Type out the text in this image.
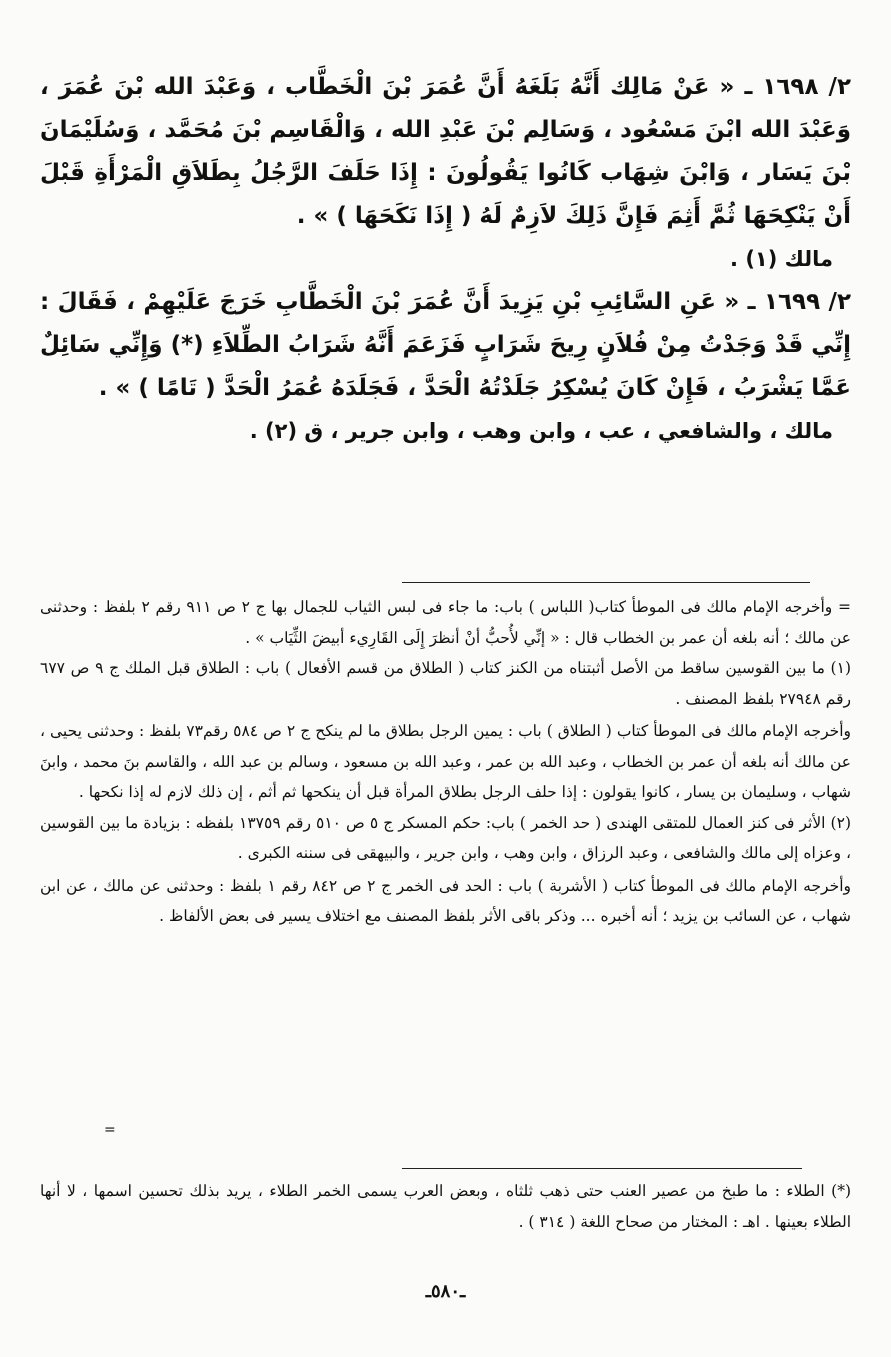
٢/ ١٦٩٨ ـ « عَنْ مَالِك أَنَّهُ بَلَغَهُ أَنَّ عُمَرَ بْنَ الْخَطَّاب ، وَعَبْدَ الله بْنَ عُمَرَ ، وَعَبْدَ الله ابْنَ مَسْعُود ، وَسَالِم بْنَ عَبْدِ الله ، وَالْقَاسِم بْنَ مُحَمَّد ، وَسُلَيْمَانَ بْنَ يَسَار ، وَابْنَ شِهَاب كَانُوا يَقُولُونَ : إِذَا حَلَفَ الرَّجُلُ بِطَلاَقِ الْمَرْأَةِ قَبْلَ أَنْ يَنْكِحَهَا ثُمَّ أَثِمَ فَإِنَّ ذَلِكَ لاَزِمٌ لَهُ ( إِذَا نَكَحَهَا ) » .

مالك (١) .

٢/ ١٦٩٩ ـ « عَنِ السَّائِبِ بْنِ يَزِيدَ أَنَّ عُمَرَ بْنَ الْخَطَّابِ خَرَجَ عَلَيْهِمْ ، فَقَالَ : إِنِّي قَدْ وَجَدْتُ مِنْ فُلاَنٍ رِيحَ شَرَابٍ فَزَعَمَ أَنَّهُ شَرَابُ الطِّلاَءِ (*) وَإِنِّي سَائِلٌ عَمَّا يَشْرَبُ ، فَإِنْ كَانَ يُسْكِرُ جَلَدْتُهُ الْحَدَّ ، فَجَلَدَهُ عُمَرُ الْحَدَّ ( تَامًا ) » .

مالك ، والشافعي ، عب ، وابن وهب ، وابن جرير ، ق (٢) .

= وأخرجه الإمام مالك فى الموطأ كتاب( اللباس ) باب: ما جاء فى لبس الثياب للجمال بها ج ٢ ص ٩١١ رقم ٢ بلفظ : وحدثنى عن مالك ؛ أنه بلغه أن عمر بن الخطاب قال : « إنِّي لأُحبُّ أنْ أنظرَ إِلَى القَارِيء أبيضَ الثِّيَاب » .

(١) ما بين القوسين ساقط من الأصل أثبتناه من الكنز كتاب ( الطلاق من قسم الأفعال ) باب : الطلاق قبل الملك ج ٩ ص ٦٧٧ رقم ٢٧٩٤٨ بلفظ المصنف .

وأخرجه الإمام مالك فى الموطأ كتاب ( الطلاق ) باب : يمين الرجل بطلاق ما لم ينكح ج ٢ ص ٥٨٤ رقم٧٣ بلفظ : وحدثنى يحيى ، عن مالك أنه بلغه أن عمر بن الخطاب ، وعبد الله بن عمر ، وعبد الله بن مسعود ، وسالم بن عبد الله ، والقاسم بنَ محمد ، وابنَ شهاب ، وسليمان بن يسار ، كانوا يقولون : إذا حلف الرجل بطلاق المرأة قبل أن ينكحها ثم أثم ، إن ذلك لازم له إذا نكحها .

(٢) الأثر فى كنز العمال للمتقى الهندى ( حد الخمر ) باب: حكم المسكر ج ٥ ص ٥١٠ رقم ١٣٧٥٩ بلفظه : بزيادة ما بين القوسين ، وعزاه إلى مالك والشافعى ، وعبد الرزاق ، وابن وهب ، وابن جرير ، والبيهقى فى سننه الكبرى .

وأخرجه الإمام مالك فى الموطأ كتاب ( الأشربة ) باب : الحد فى الخمر ج ٢ ص ٨٤٢ رقم ١ بلفظ : وحدثنى عن مالك ، عن ابن شهاب ، عن السائب بن يزيد ؛ أنه أخبره ... وذكر باقى الأثر بلفظ المصنف مع اختلاف يسير فى بعض الألفاظ .

=

(*) الطلاء : ما طبخ من عصير العنب حتى ذهب ثلثاه ، وبعض العرب يسمى الخمر الطلاء ، يريد بذلك تحسين اسمها ، لا أنها الطلاء بعينها . اهـ : المختار من صحاح اللغة ( ٣١٤ ) .

ـ٥٨٠ـ
